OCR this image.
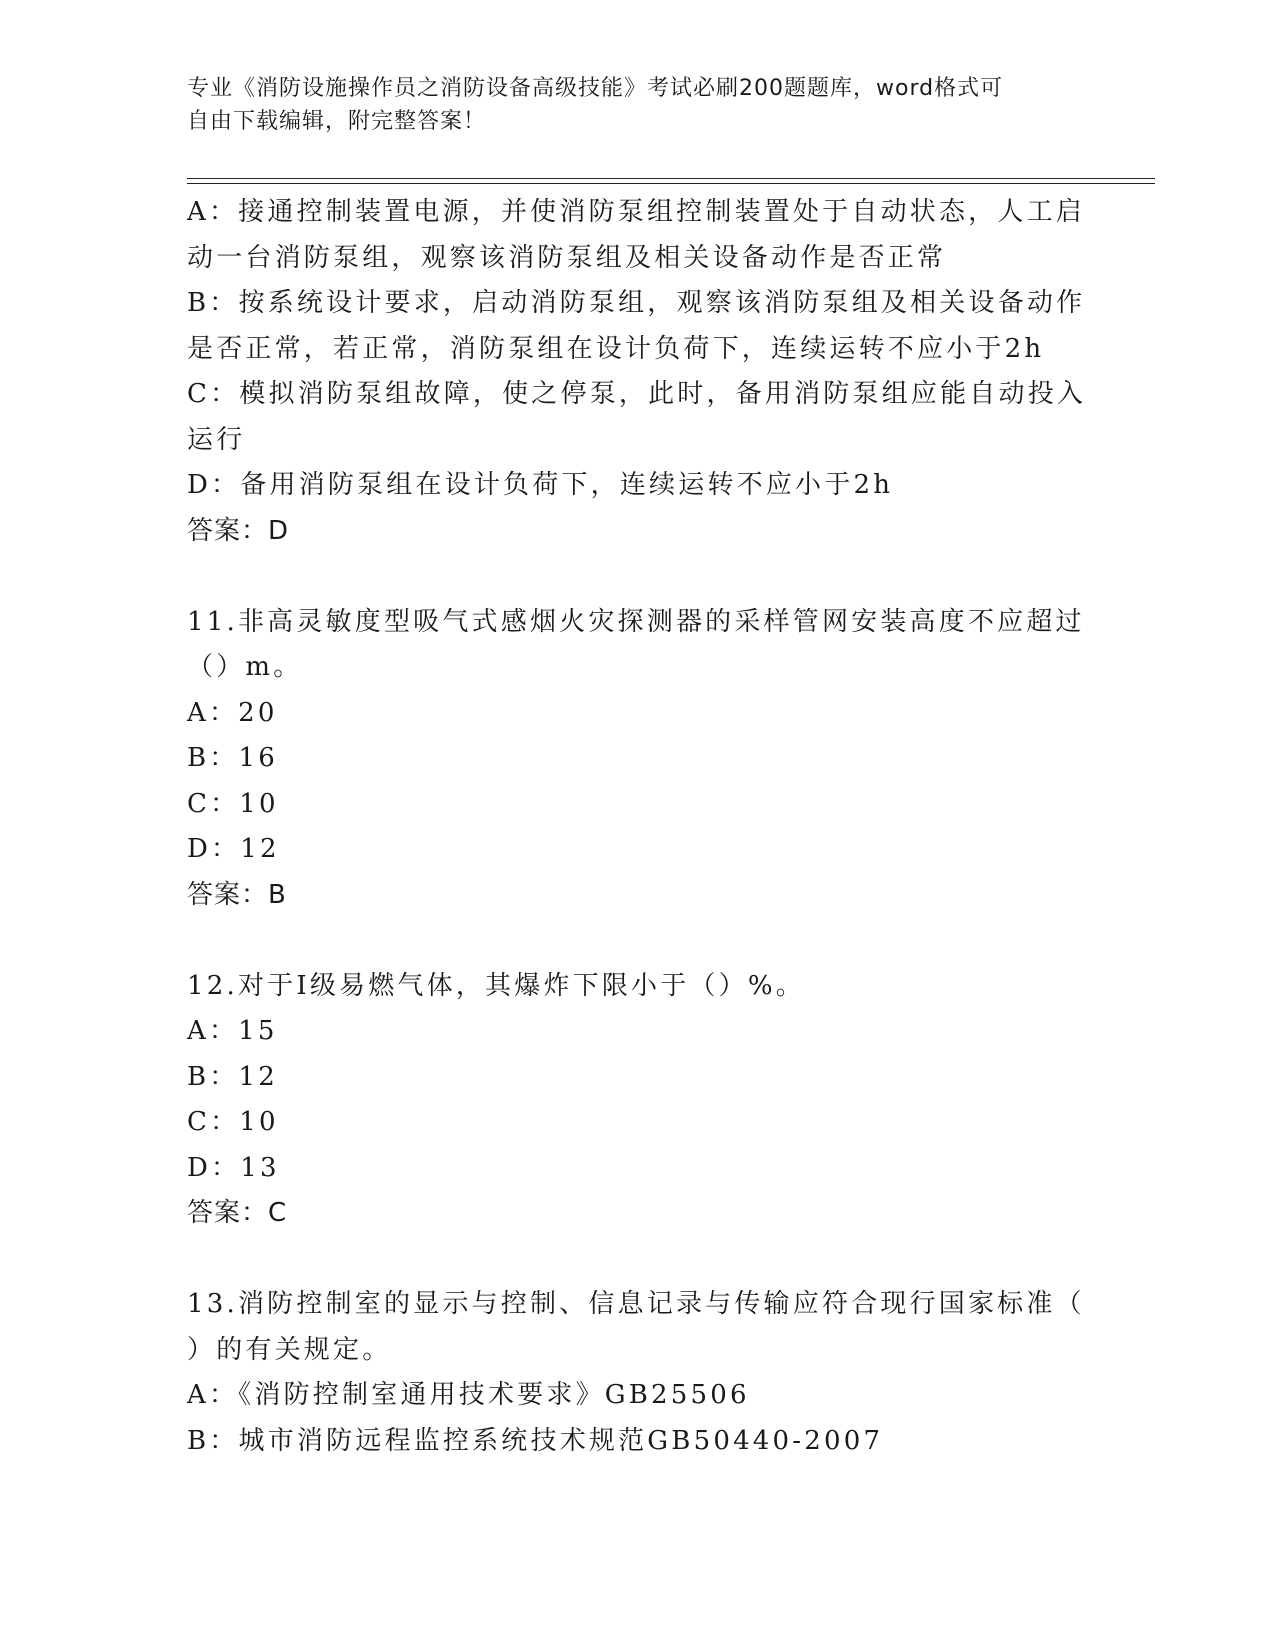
专业《消防设施操作员之消防设备高级技能》考试必刷200题题库，word格式可
自由下载编辑，附完整答案！
A：接通控制装置电源，并使消防泵组控制装置处于自动状态，人工启
动一台消防泵组，观察该消防泵组及相关设备动作是否正常
B：按系统设计要求，启动消防泵组，观察该消防泵组及相关设备动作
是否正常，若正常，消防泵组在设计负荷下，连续运转不应小于2h
C：模拟消防泵组故障，使之停泵，此时，备用消防泵组应能自动投入
运行
D：备用消防泵组在设计负荷下，连续运转不应小于2h
答案：D
11.非高灵敏度型吸气式感烟火灾探测器的采样管网安装高度不应超过
（）m。
A：20
B：16
C：10
D：12
答案：B
12.对于Ⅰ级易燃气体，其爆炸下限小于（）%。
A：15
B：12
C：10
D：13
答案：C
13.消防控制室的显示与控制、信息记录与传输应符合现行国家标准（
）的有关规定。
A：《消防控制室通用技术要求》GB25506
B：城市消防远程监控系统技术规范GB50440-2007
